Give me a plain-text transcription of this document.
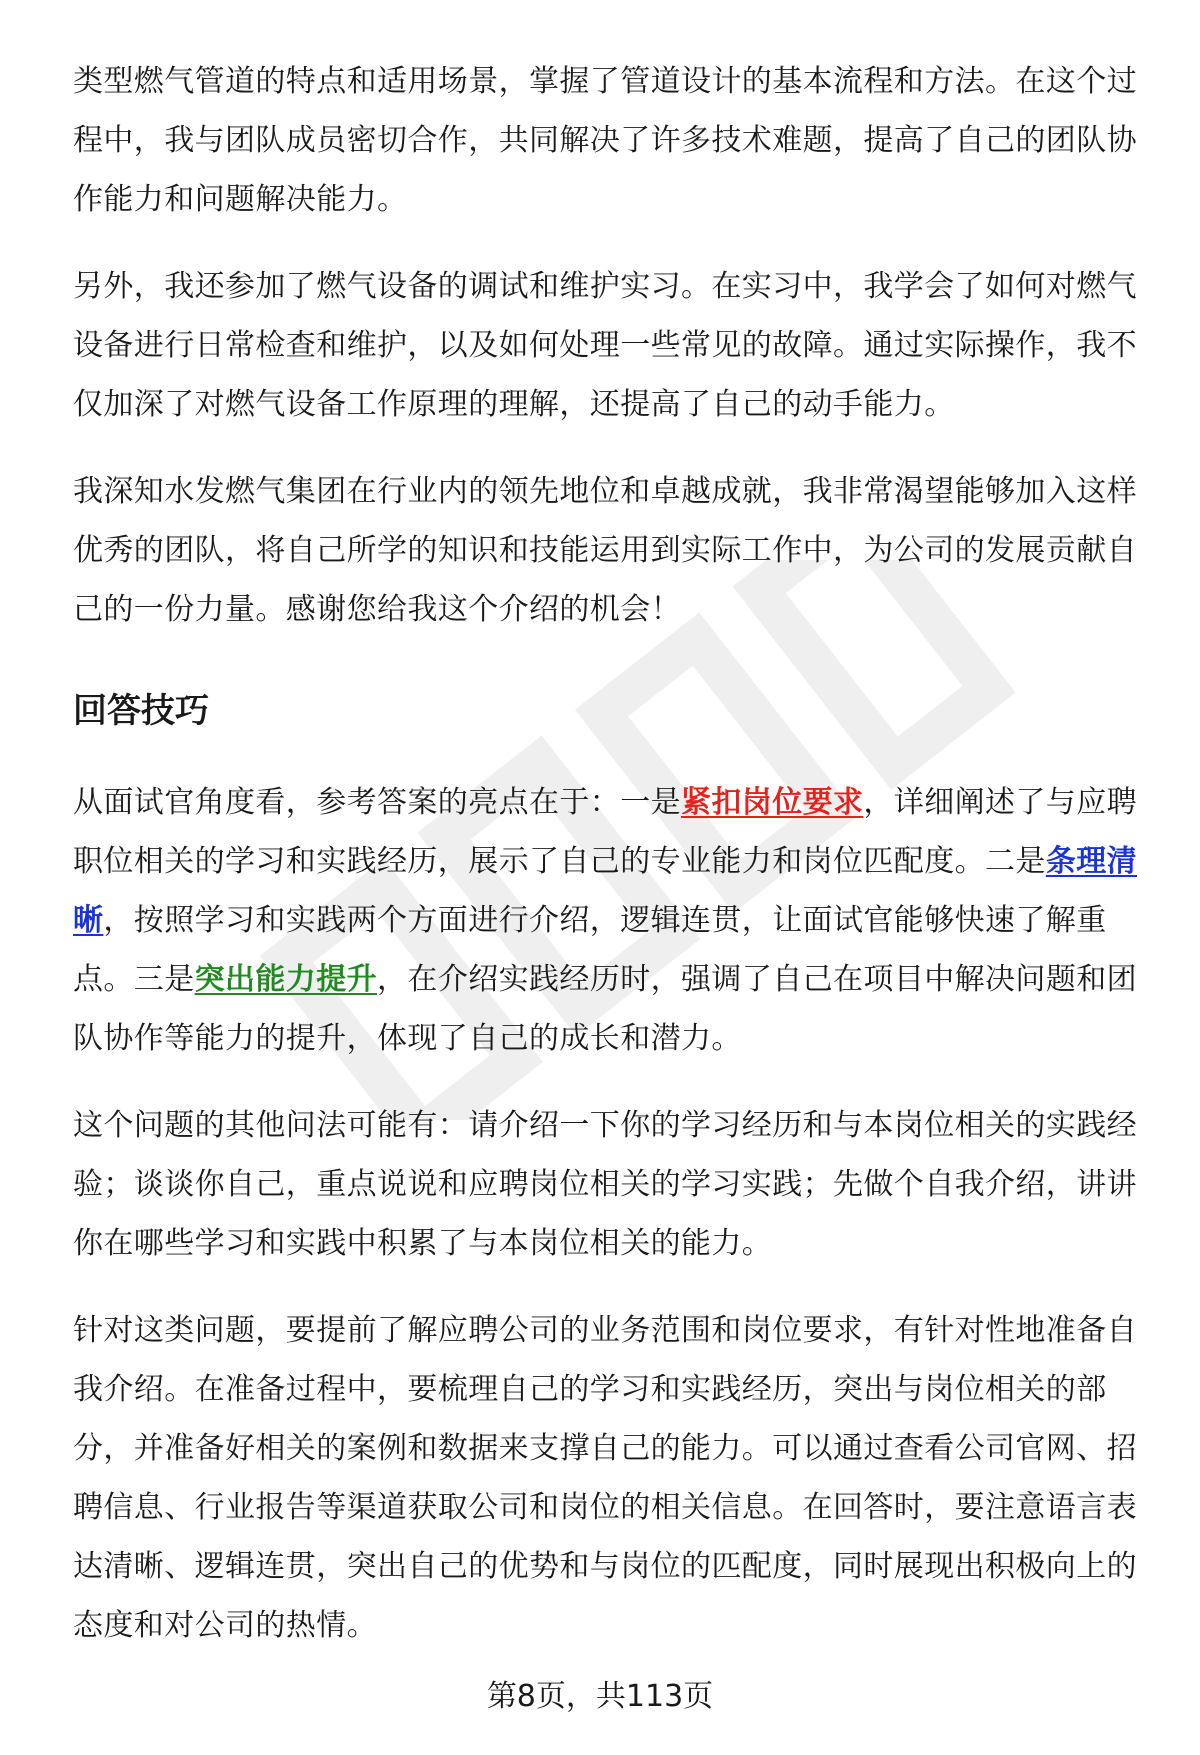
类型燃气管道的特点和适用场景，掌握了管道设计的基本流程和方法。在这个过程中，我与团队成员密切合作，共同解决了许多技术难题，提高了自己的团队协作能力和问题解决能力。

另外，我还参加了燃气设备的调试和维护实习。在实习中，我学会了如何对燃气设备进行日常检查和维护，以及如何处理一些常见的故障。通过实际操作，我不仅加深了对燃气设备工作原理的理解，还提高了自己的动手能力。

我深知水发燃气集团在行业内的领先地位和卓越成就，我非常渴望能够加入这样优秀的团队，将自己所学的知识和技能运用到实际工作中，为公司的发展贡献自己的一份力量。感谢您给我这个介绍的机会！

回答技巧

从面试官角度看，参考答案的亮点在于：一是紧扣岗位要求，详细阐述了与应聘职位相关的学习和实践经历，展示了自己的专业能力和岗位匹配度。二是条理清晰，按照学习和实践两个方面进行介绍，逻辑连贯，让面试官能够快速了解重点。三是突出能力提升，在介绍实践经历时，强调了自己在项目中解决问题和团队协作等能力的提升，体现了自己的成长和潜力。

这个问题的其他问法可能有：请介绍一下你的学习经历和与本岗位相关的实践经验；谈谈你自己，重点说说和应聘岗位相关的学习实践；先做个自我介绍，讲讲你在哪些学习和实践中积累了与本岗位相关的能力。

针对这类问题，要提前了解应聘公司的业务范围和岗位要求，有针对性地准备自我介绍。在准备过程中，要梳理自己的学习和实践经历，突出与岗位相关的部分，并准备好相关的案例和数据来支撑自己的能力。可以通过查看公司官网、招聘信息、行业报告等渠道获取公司和岗位的相关信息。在回答时，要注意语言表达清晰、逻辑连贯，突出自己的优势和与岗位的匹配度，同时展现出积极向上的态度和对公司的热情。

第8页，共113页
